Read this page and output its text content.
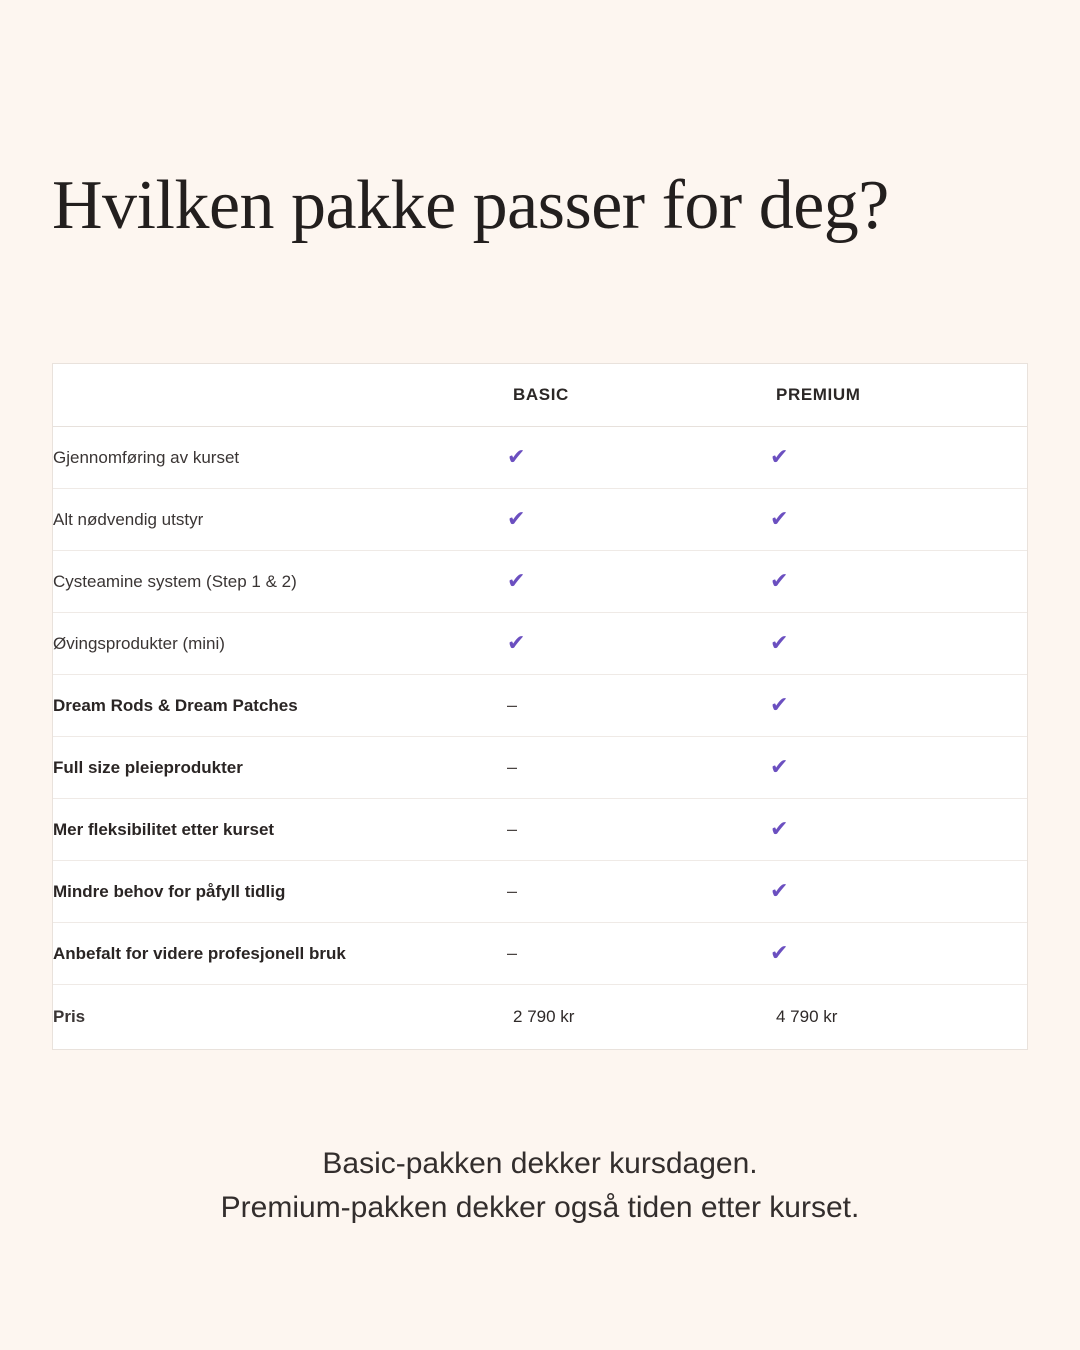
Hvilken pakke passer for deg?
	BASIC	PREMIUM
Gjennomføring av kurset	✔	✔
Alt nødvendig utstyr	✔	✔
Cysteamine system (Step 1 & 2)	✔	✔
Øvingsprodukter (mini)	✔	✔
Dream Rods & Dream Patches	–	✔
Full size pleieprodukter	–	✔
Mer fleksibilitet etter kurset	–	✔
Mindre behov for påfyll tidlig	–	✔
Anbefalt for videre profesjonell bruk	–	✔
Pris	2 790 kr	4 790 kr
Basic-pakken dekker kursdagen.
Premium-pakken dekker også tiden etter kurset.
